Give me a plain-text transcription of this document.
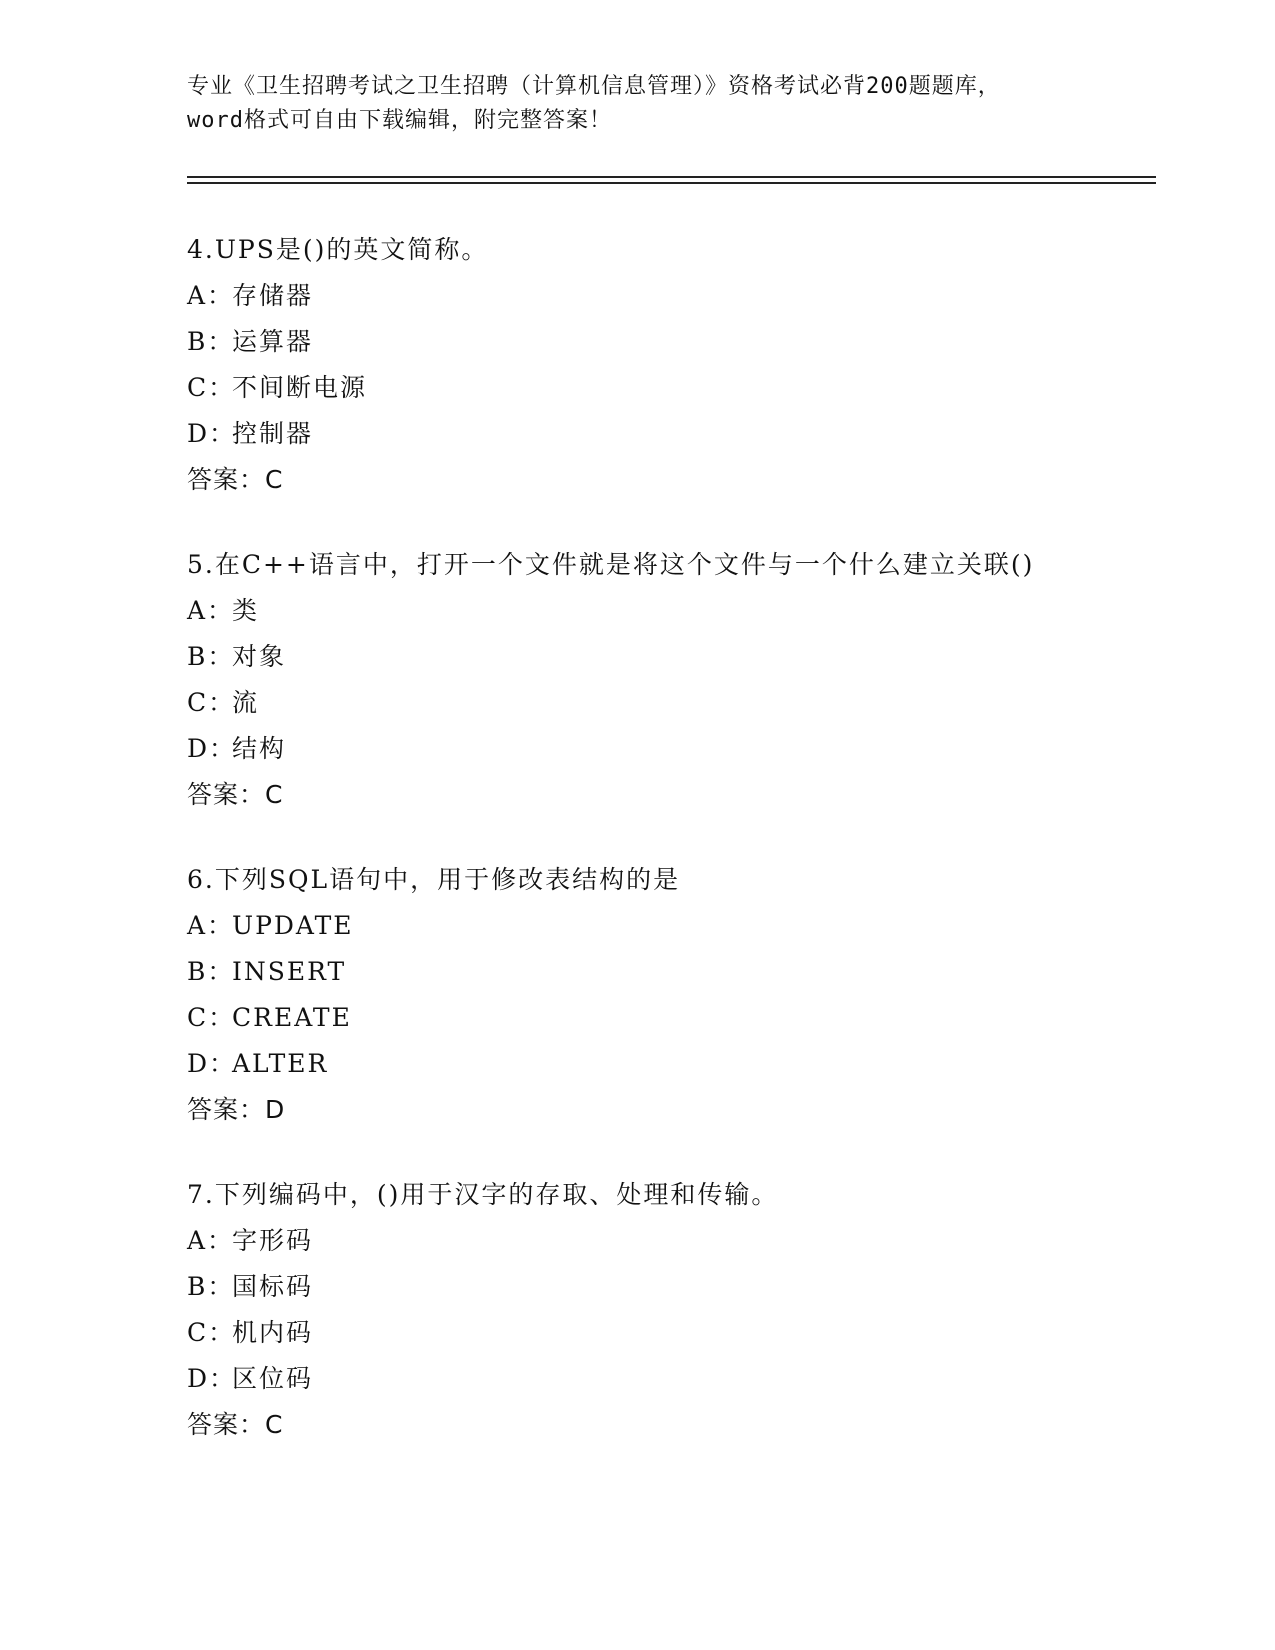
专业《卫生招聘考试之卫生招聘（计算机信息管理）》资格考试必背200题题库，
word格式可自由下载编辑，附完整答案！
4.UPS是()的英文简称。
A：存储器
B：运算器
C：不间断电源
D：控制器
答案：C
5.在C++语言中，打开一个文件就是将这个文件与一个什么建立关联()
A：类
B：对象
C：流
D：结构
答案：C
6.下列SQL语句中，用于修改表结构的是
A：UPDATE
B：INSERT
C：CREATE
D：ALTER
答案：D
7.下列编码中，()用于汉字的存取、处理和传输。
A：字形码
B：国标码
C：机内码
D：区位码
答案：C
